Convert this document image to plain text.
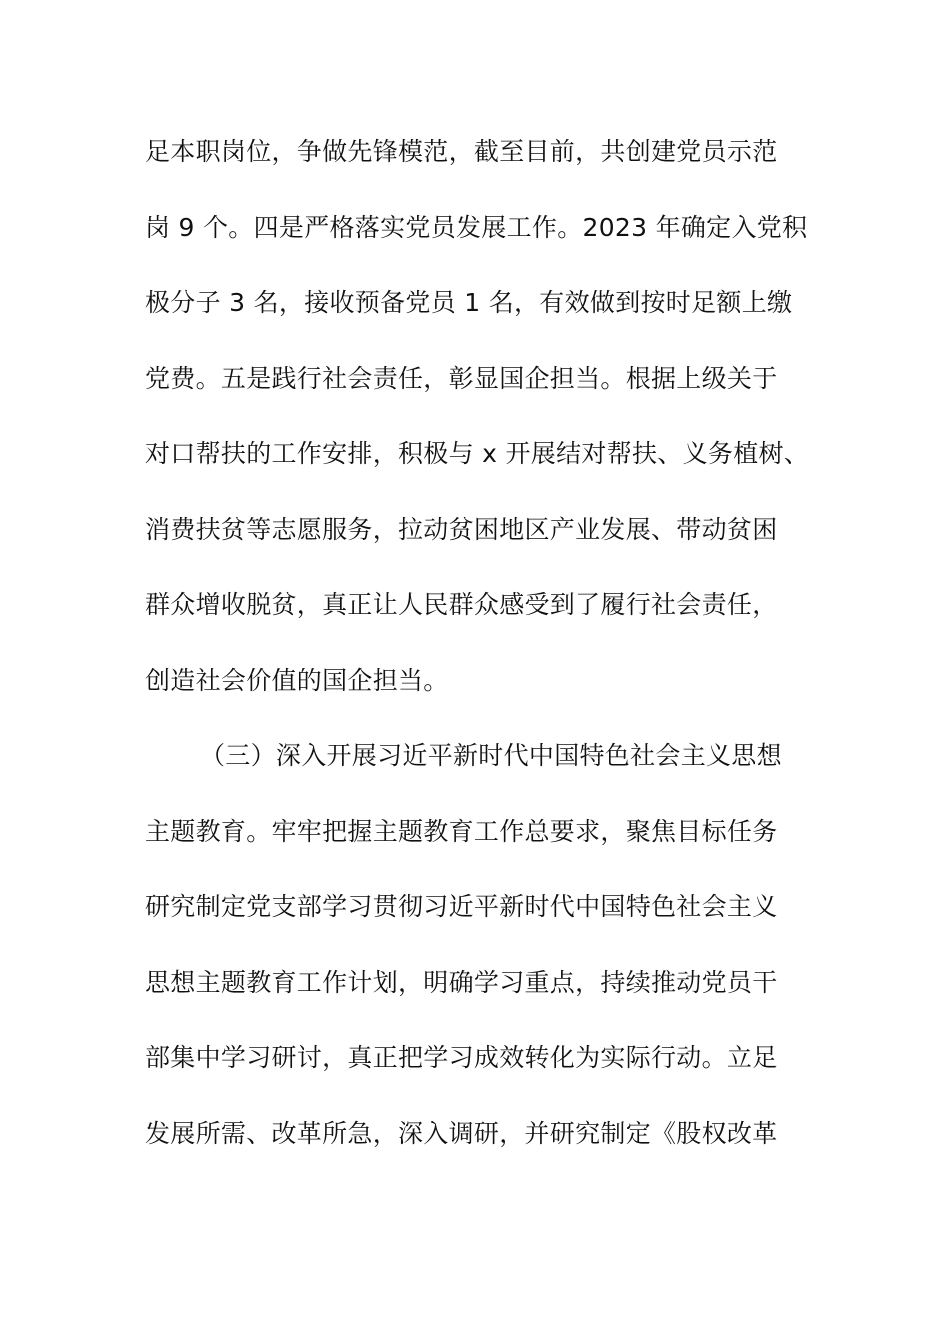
足本职岗位，争做先锋模范，截至目前，共创建党员示范
岗 9 个。四是严格落实党员发展工作。2023 年确定入党积
极分子 3 名，接收预备党员 1 名，有效做到按时足额上缴
党费。五是践行社会责任，彰显国企担当。根据上级关于
对口帮扶的工作安排，积极与 x 开展结对帮扶、义务植树、
消费扶贫等志愿服务，拉动贫困地区产业发展、带动贫困
群众增收脱贫，真正让人民群众感受到了履行社会责任，
创造社会价值的国企担当。
（三）深入开展习近平新时代中国特色社会主义思想
主题教育。牢牢把握主题教育工作总要求，聚焦目标任务
研究制定党支部学习贯彻习近平新时代中国特色社会主义
思想主题教育工作计划，明确学习重点，持续推动党员干
部集中学习研讨，真正把学习成效转化为实际行动。立足
发展所需、改革所急，深入调研，并研究制定《股权改革
